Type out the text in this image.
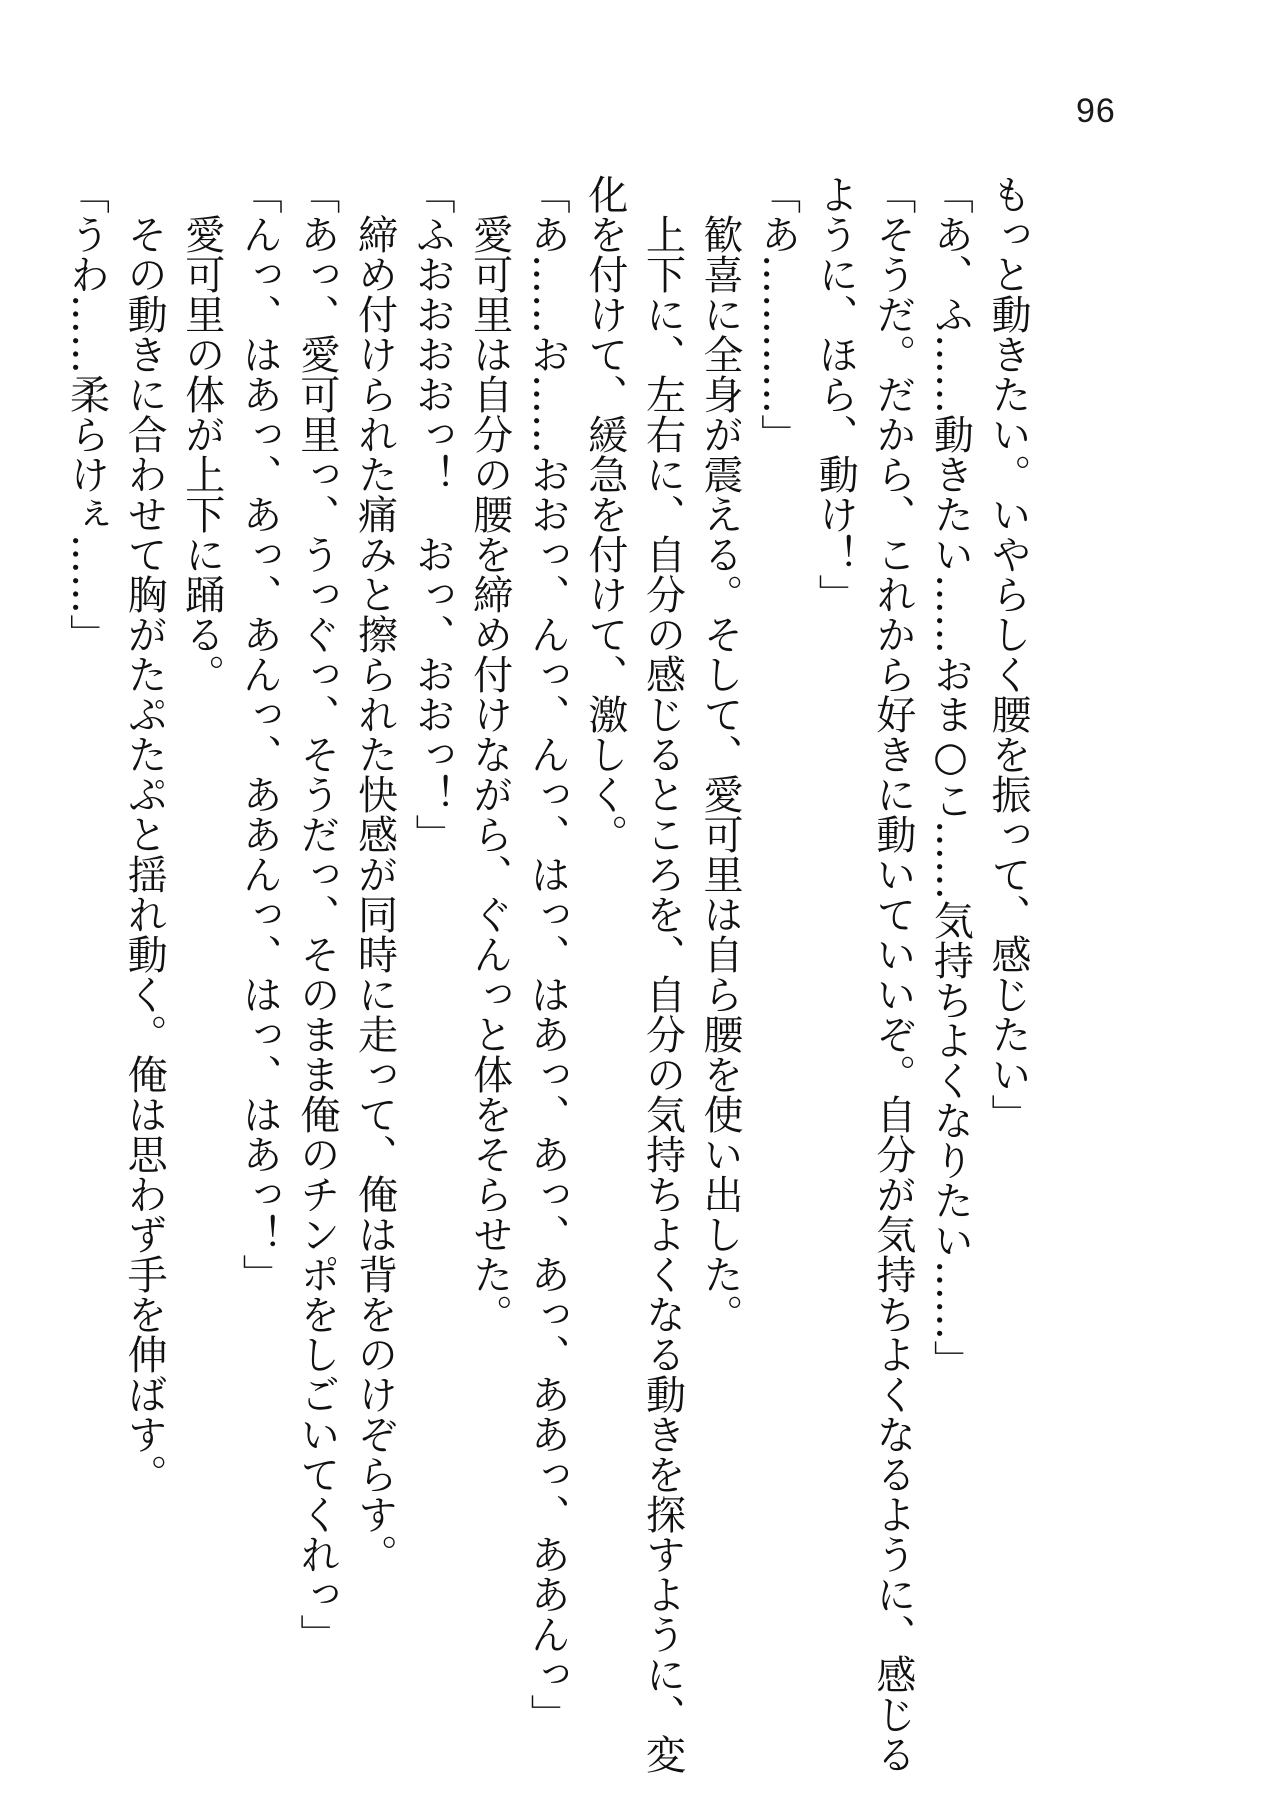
96
もっと動きたい。いやらしく腰を振って、感じたい」
「あ、ふ……動きたい……おま○こ……気持ちよくなりたい……」
「そうだ。だから、これから好きに動いていいぞ。自分が気持ちよくなるように、感じる
ように、ほら、動け！」
「あ…………」
　歓喜に全身が震える。そして、愛可里は自ら腰を使い出した。
　上下に、左右に、自分の感じるところを、自分の気持ちよくなる動きを探すように、変
化を付けて、緩急を付けて、激しく。
「あ……お……おおっ、んっ、んっ、はっ、はあっ、あっ、あっ、ああっ、ああんっ」
　愛可里は自分の腰を締め付けながら、ぐんっと体をそらせた。
「ふおおおおっ！　おっ、おおっ！」
　締め付けられた痛みと擦られた快感が同時に走って、俺は背をのけぞらす。
「あっ、愛可里っ、うっぐっ、そうだっ、そのまま俺のチンポをしごいてくれっ」
「んっ、はあっ、あっ、あんっ、ああんっ、はっ、はあっ！」
　愛可里の体が上下に踊る。
　その動きに合わせて胸がたぷたぷと揺れ動く。俺は思わず手を伸ばす。
「うわ……柔らけぇ……」
